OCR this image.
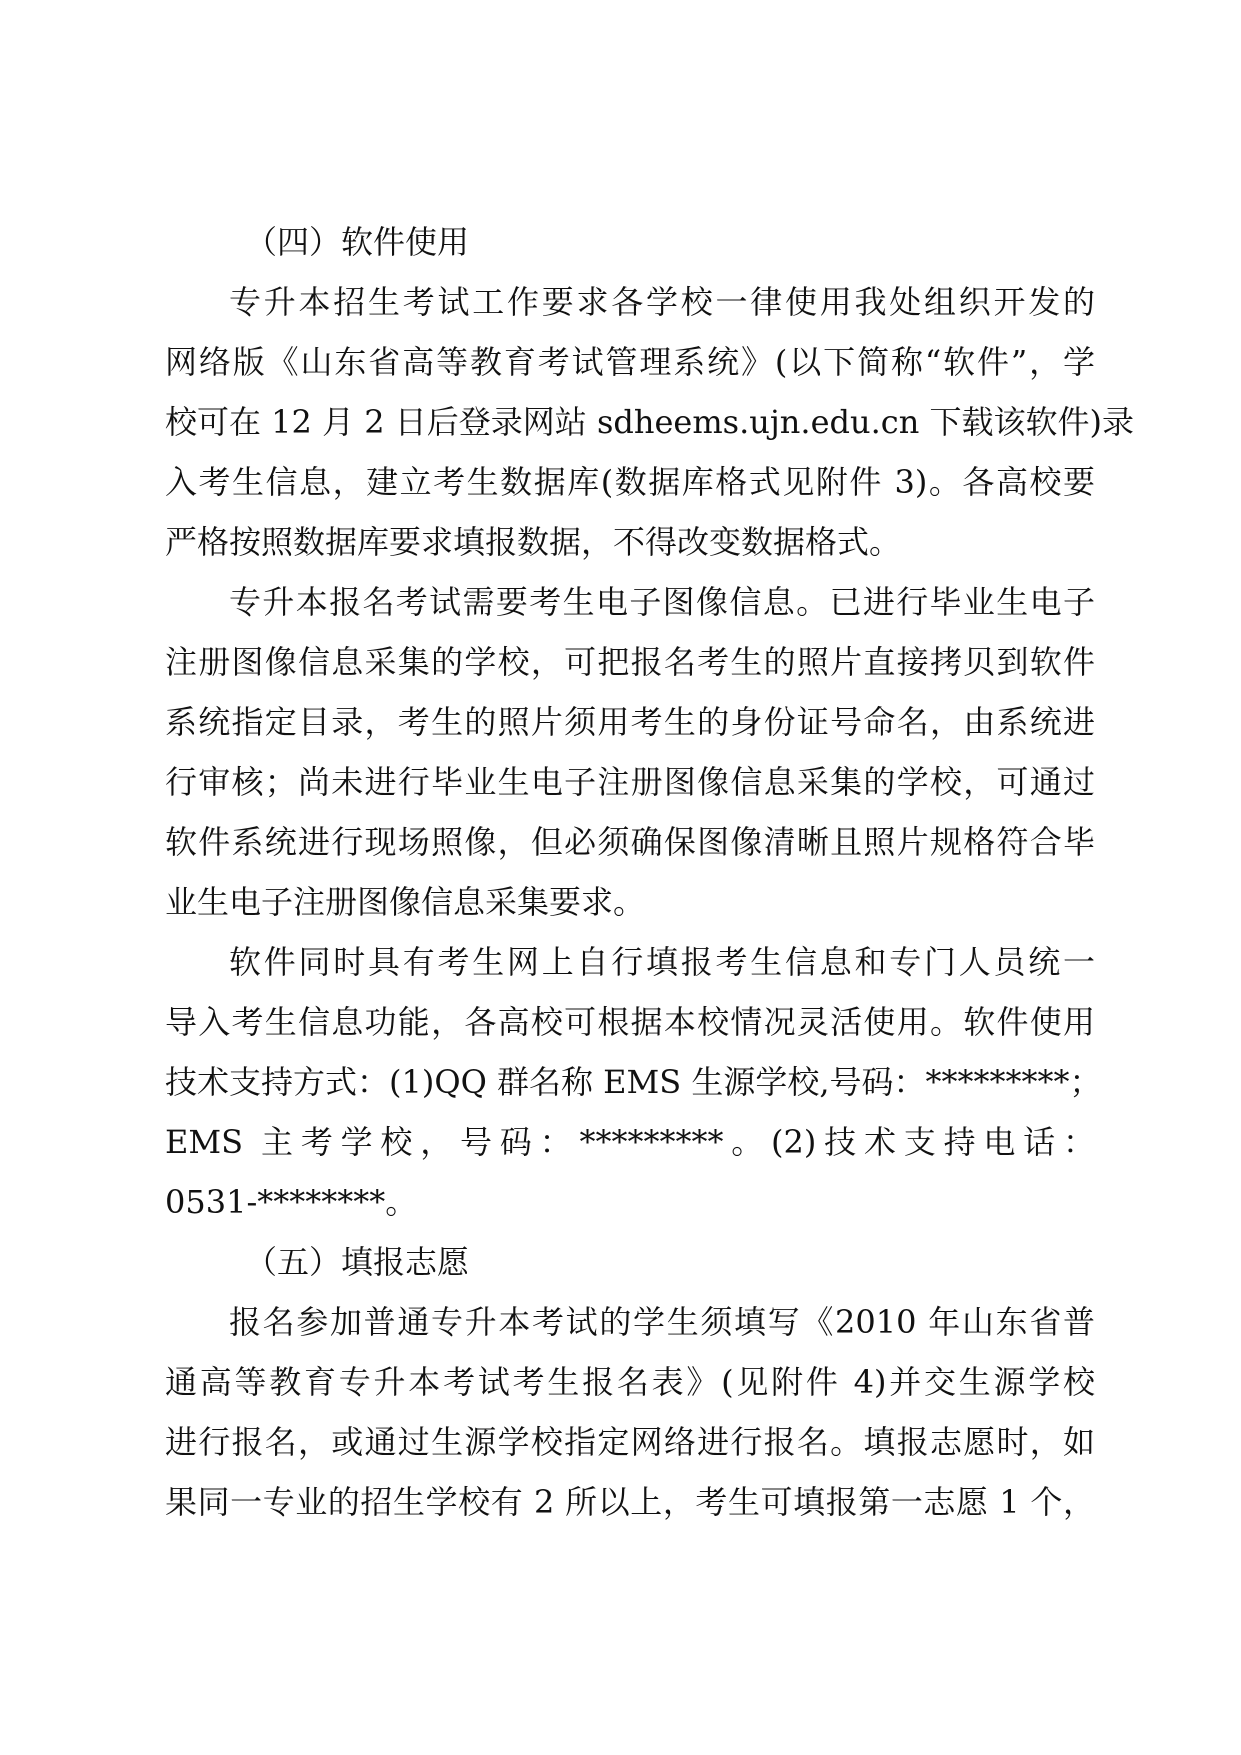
（四）软件使用
专升本招生考试工作要求各学校一律使用我处组织开发的
网络版《山东省高等教育考试管理系统》(以下简称“软件”，学
校可在 12 月 2 日后登录网站 sdheems.ujn.edu.cn 下载该软件)录
入考生信息，建立考生数据库(数据库格式见附件 3)。各高校要
严格按照数据库要求填报数据，不得改变数据格式。
专升本报名考试需要考生电子图像信息。已进行毕业生电子
注册图像信息采集的学校，可把报名考生的照片直接拷贝到软件
系统指定目录，考生的照片须用考生的身份证号命名，由系统进
行审核；尚未进行毕业生电子注册图像信息采集的学校，可通过
软件系统进行现场照像，但必须确保图像清晰且照片规格符合毕
业生电子注册图像信息采集要求。
软件同时具有考生网上自行填报考生信息和专门人员统一
导入考生信息功能，各高校可根据本校情况灵活使用。软件使用
技术支持方式：(1)QQ 群名称 EMS 生源学校,号码：*********；
EMS 主考学校，号码：*********。(2)技术支持电话：
0531-********。
（五）填报志愿
报名参加普通专升本考试的学生须填写《2010 年山东省普
通高等教育专升本考试考生报名表》(见附件 4)并交生源学校
进行报名，或通过生源学校指定网络进行报名。填报志愿时，如
果同一专业的招生学校有 2 所以上，考生可填报第一志愿 1 个，
